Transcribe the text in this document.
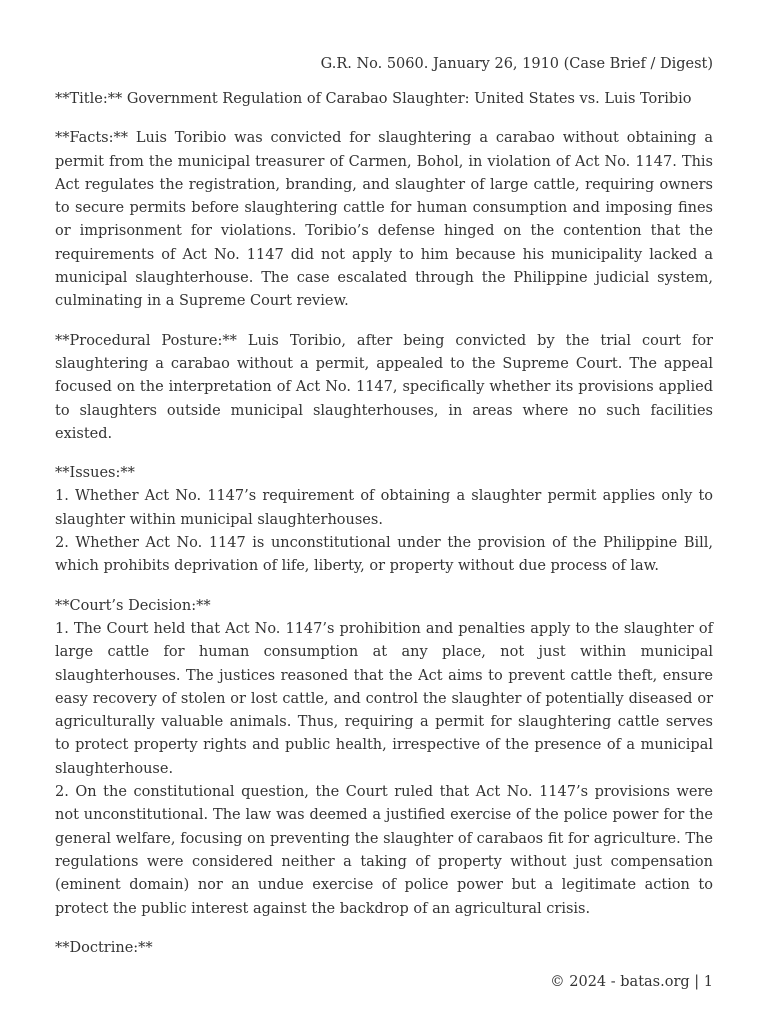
G.R. No. 5060. January 26, 1910 (Case Brief / Digest)

**Title:** Government Regulation of Carabao Slaughter: United States vs. Luis Toribio

**Facts:** Luis Toribio was convicted for slaughtering a carabao without obtaining a permit from the municipal treasurer of Carmen, Bohol, in violation of Act No. 1147. This Act regulates the registration, branding, and slaughter of large cattle, requiring owners to secure permits before slaughtering cattle for human consumption and imposing fines or imprisonment for violations. Toribio’s defense hinged on the contention that the requirements of Act No. 1147 did not apply to him because his municipality lacked a municipal slaughterhouse. The case escalated through the Philippine judicial system, culminating in a Supreme Court review.

**Procedural Posture:** Luis Toribio, after being convicted by the trial court for slaughtering a carabao without a permit, appealed to the Supreme Court. The appeal focused on the interpretation of Act No. 1147, specifically whether its provisions applied to slaughters outside municipal slaughterhouses, in areas where no such facilities existed.

**Issues:**
1. Whether Act No. 1147’s requirement of obtaining a slaughter permit applies only to slaughter within municipal slaughterhouses.
2. Whether Act No. 1147 is unconstitutional under the provision of the Philippine Bill, which prohibits deprivation of life, liberty, or property without due process of law.

**Court’s Decision:**
1. The Court held that Act No. 1147’s prohibition and penalties apply to the slaughter of large cattle for human consumption at any place, not just within municipal slaughterhouses. The justices reasoned that the Act aims to prevent cattle theft, ensure easy recovery of stolen or lost cattle, and control the slaughter of potentially diseased or agriculturally valuable animals. Thus, requiring a permit for slaughtering cattle serves to protect property rights and public health, irrespective of the presence of a municipal slaughterhouse.
2. On the constitutional question, the Court ruled that Act No. 1147’s provisions were not unconstitutional. The law was deemed a justified exercise of the police power for the general welfare, focusing on preventing the slaughter of carabaos fit for agriculture. The regulations were considered neither a taking of property without just compensation (eminent domain) nor an undue exercise of police power but a legitimate action to protect the public interest against the backdrop of an agricultural crisis.

**Doctrine:**

© 2024 - batas.org | 1
